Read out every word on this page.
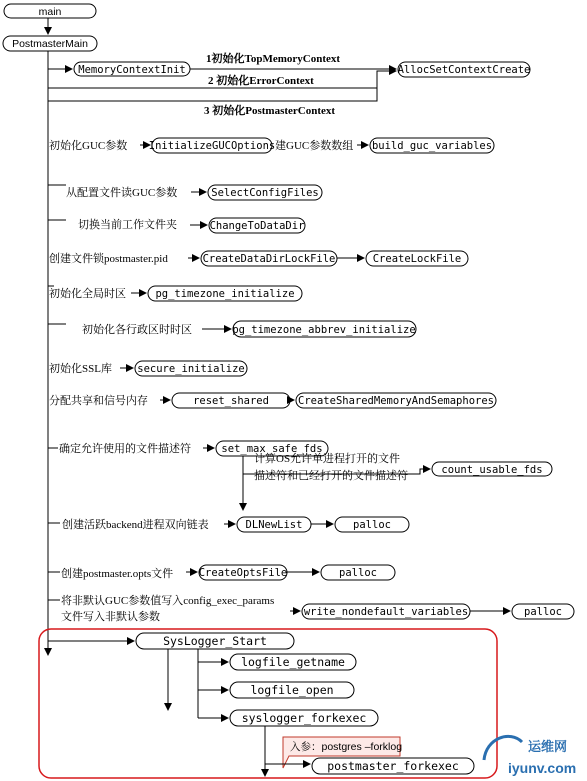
main
PostmasterMain
MemoryContextInit	AllocSetContextCreate
1初始化TopMemoryContext
2 初始化ErrorContext
3 初始化PostmasterContext
初始化GUC参数 InitializeGUCOptions 建GUC参数数组 build_guc_variables
从配置文件读GUC参数	SelectConfigFiles
切换当前工作文件夹	ChangeToDataDir
创建文件锁postmaster.pid	CreateDataDirLockFile	CreateLockFile
初始化全局时区	pg_timezone_initialize
初始化各行政区时时区	pg_timezone_abbrev_initialize
初始化SSL库 secure_initialize
分配共享和信号内存	reset_shared	CreateSharedMemoryAndSemaphores
确定允许使用的文件描述符	set_max_safe_fds
计算OS允许单进程打开的文件
描述符和已经打开的文件描述符	count_usable_fds
创建活跃backend进程双向链表	DLNewList	palloc
创建postmaster.opts文件 CreateOptsFile	palloc
将非默认GUC参数值写入config_exec_params
文件写入非默认参数	write_nondefault_variables	palloc
SysLogger_Start
logfile_getname
logfile_open
syslogger_forkexec
入参：postgres –forklog
postmaster_forkexec
运维网
iyunv.com
